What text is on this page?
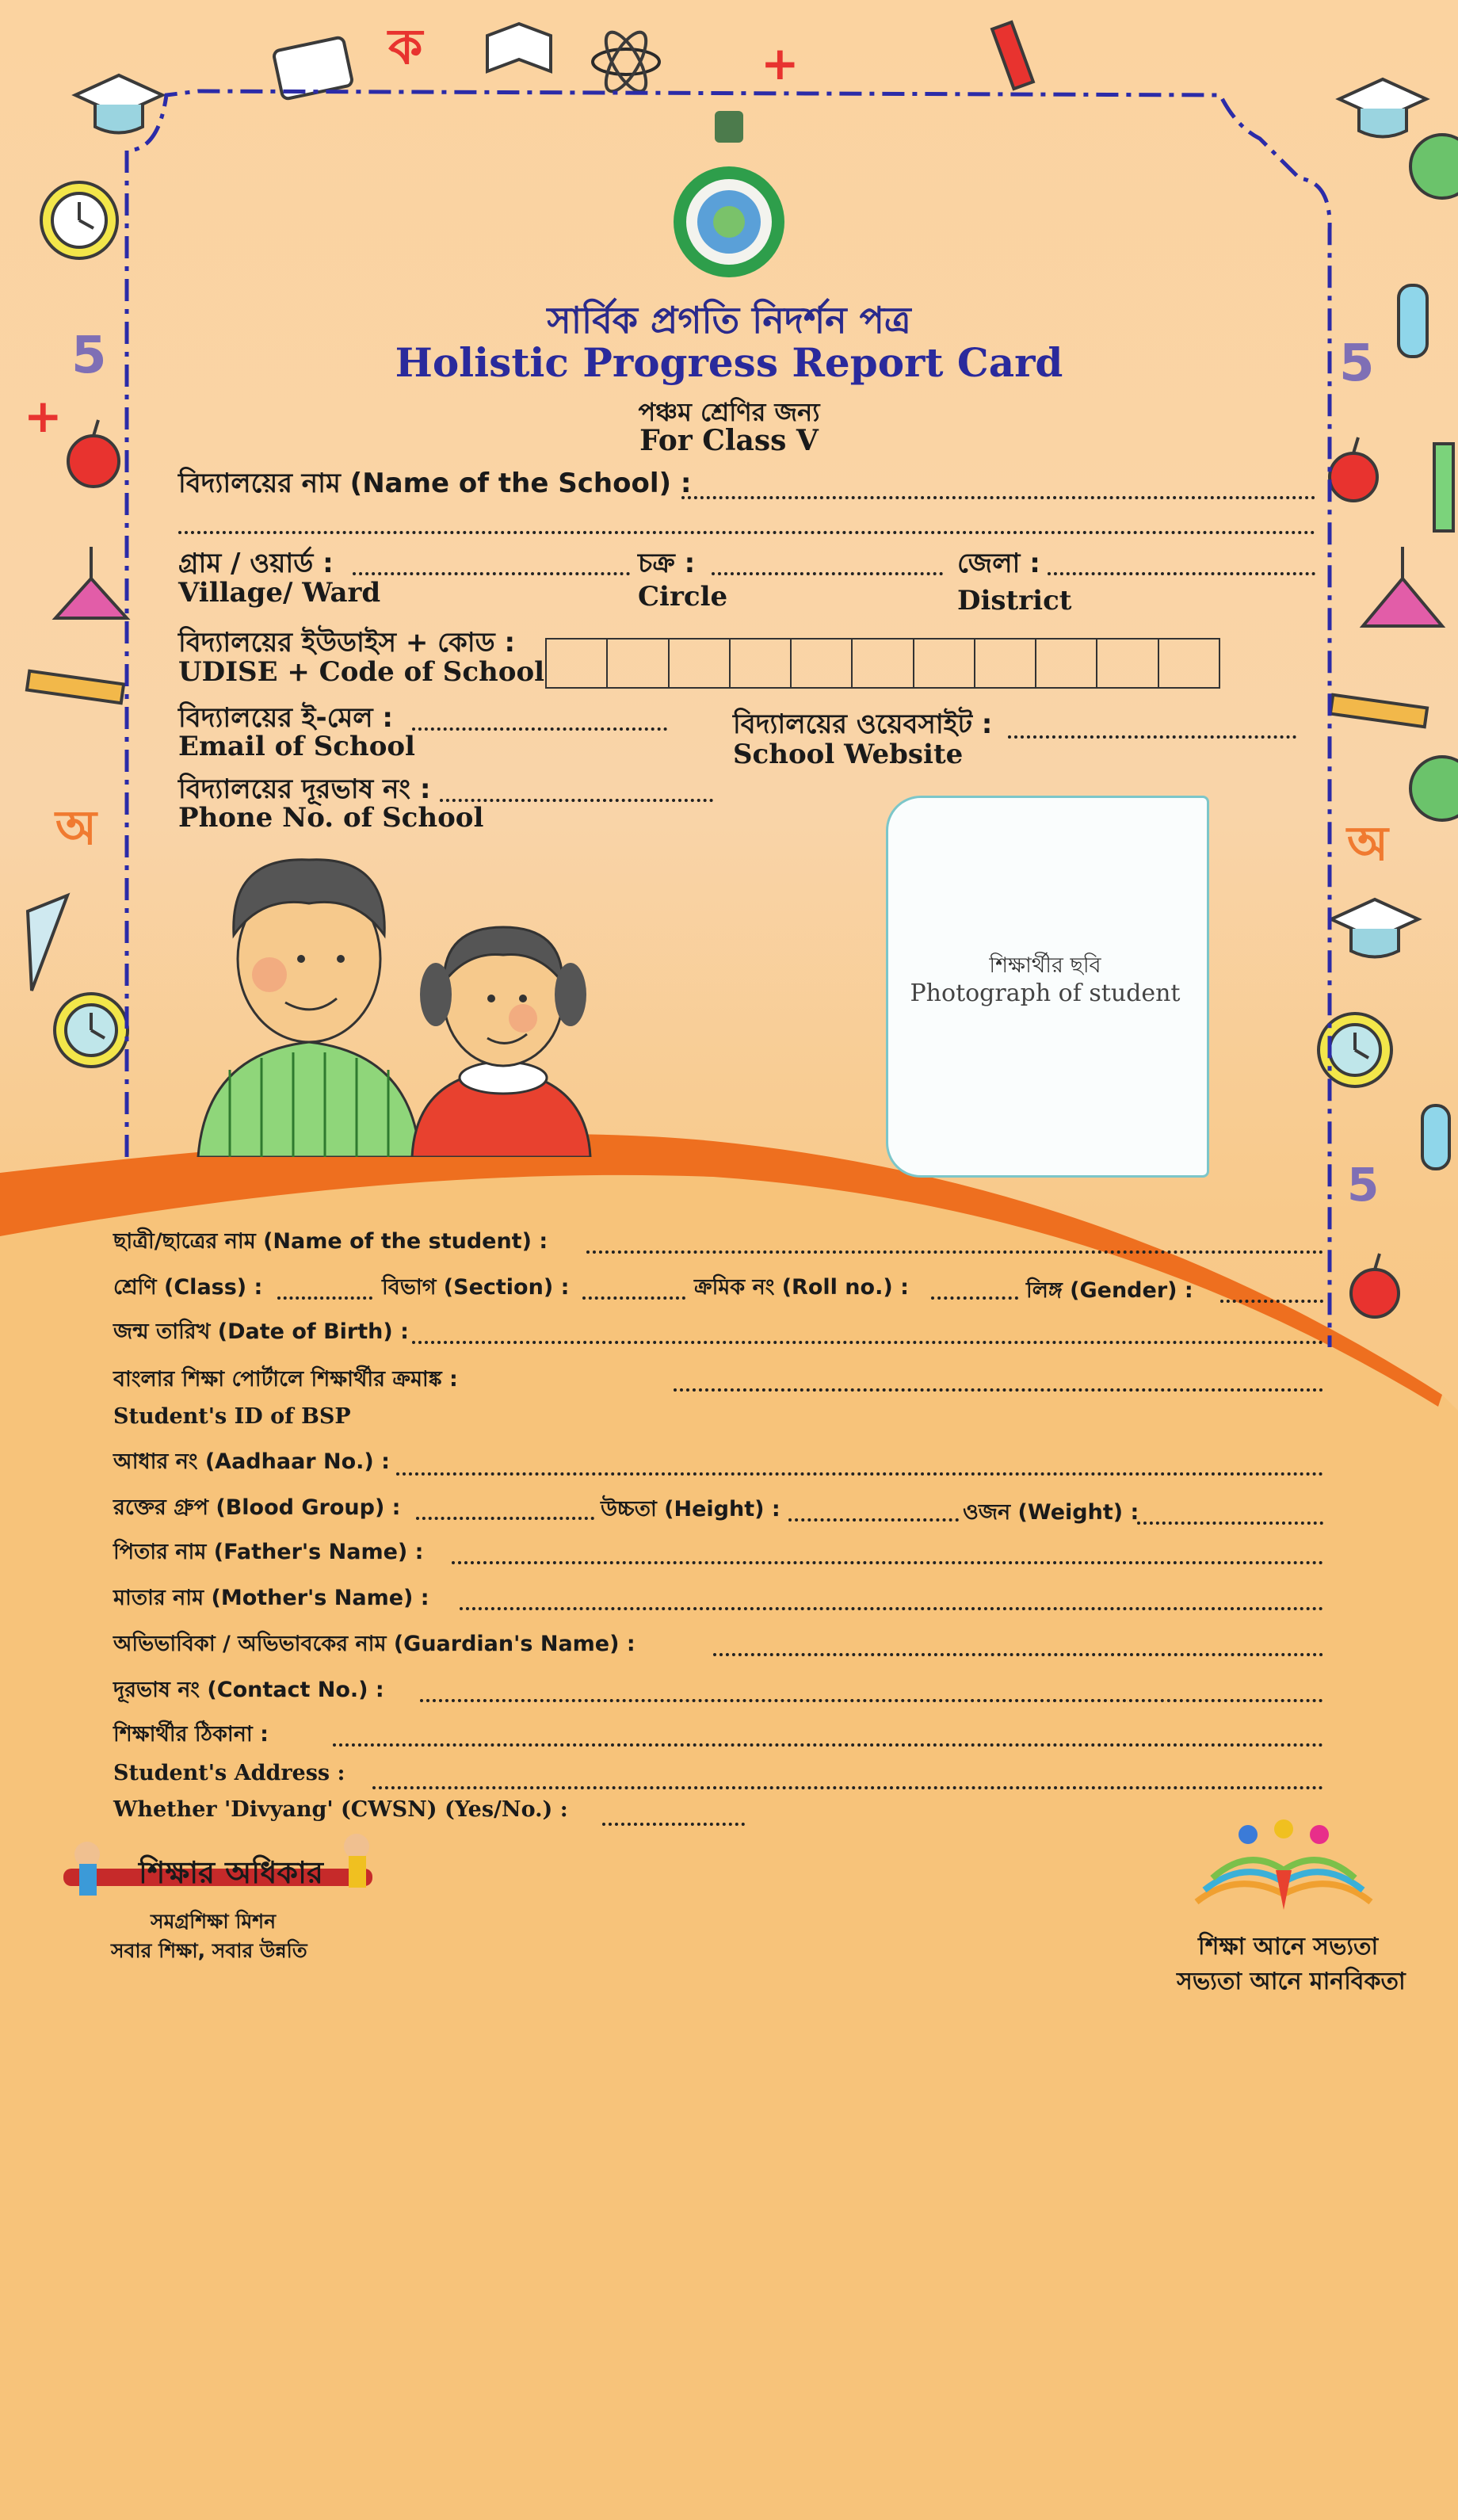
5	5
5
ক
অ	অ
+
+
সার্বিক প্রগতি নিদর্শন পত্র
Holistic Progress Report Card
পঞ্চম শ্রেণির জন্য
For Class V
বিদ্যালয়ের নাম (Name of the School) :
গ্রাম / ওয়ার্ড :	চক্র :	জেলা :
Village/ Ward	Circle	District
বিদ্যালয়ের ইউডাইস + কোড :
UDISE + Code of School
বিদ্যালয়ের ই-মেল :
Email of School
বিদ্যালয়ের ওয়েবসাইট :
School Website
বিদ্যালয়ের দূরভাষ নং :
Phone No. of School
শিক্ষার্থীর ছবি
Photograph of student
ছাত্রী/ছাত্রের নাম (Name of the student) :
শ্রেণি (Class) :	বিভাগ (Section) :	ক্রমিক নং (Roll no.) :	লিঙ্গ (Gender) :
জন্ম তারিখ (Date of Birth) :
বাংলার শিক্ষা পোর্টালে শিক্ষার্থীর ক্রমাঙ্ক :
Student's ID of BSP
আধার নং (Aadhaar No.) :
রক্তের গ্রুপ (Blood Group) :	উচ্চতা (Height) :	ওজন (Weight) :
পিতার নাম (Father's Name) :
মাতার নাম (Mother's Name) :
অভিভাবিকা / অভিভাবকের নাম (Guardian's Name) :
দূরভাষ নং (Contact No.) :
শিক্ষার্থীর ঠিকানা :
Student's Address :
Whether 'Divyang' (CWSN) (Yes/No.) :
শিক্ষার অধিকার
সমগ্রশিক্ষা মিশন
সবার শিক্ষা, সবার উন্নতি	শিক্ষা আনে সভ্যতা
সভ্যতা আনে মানবিকতা
